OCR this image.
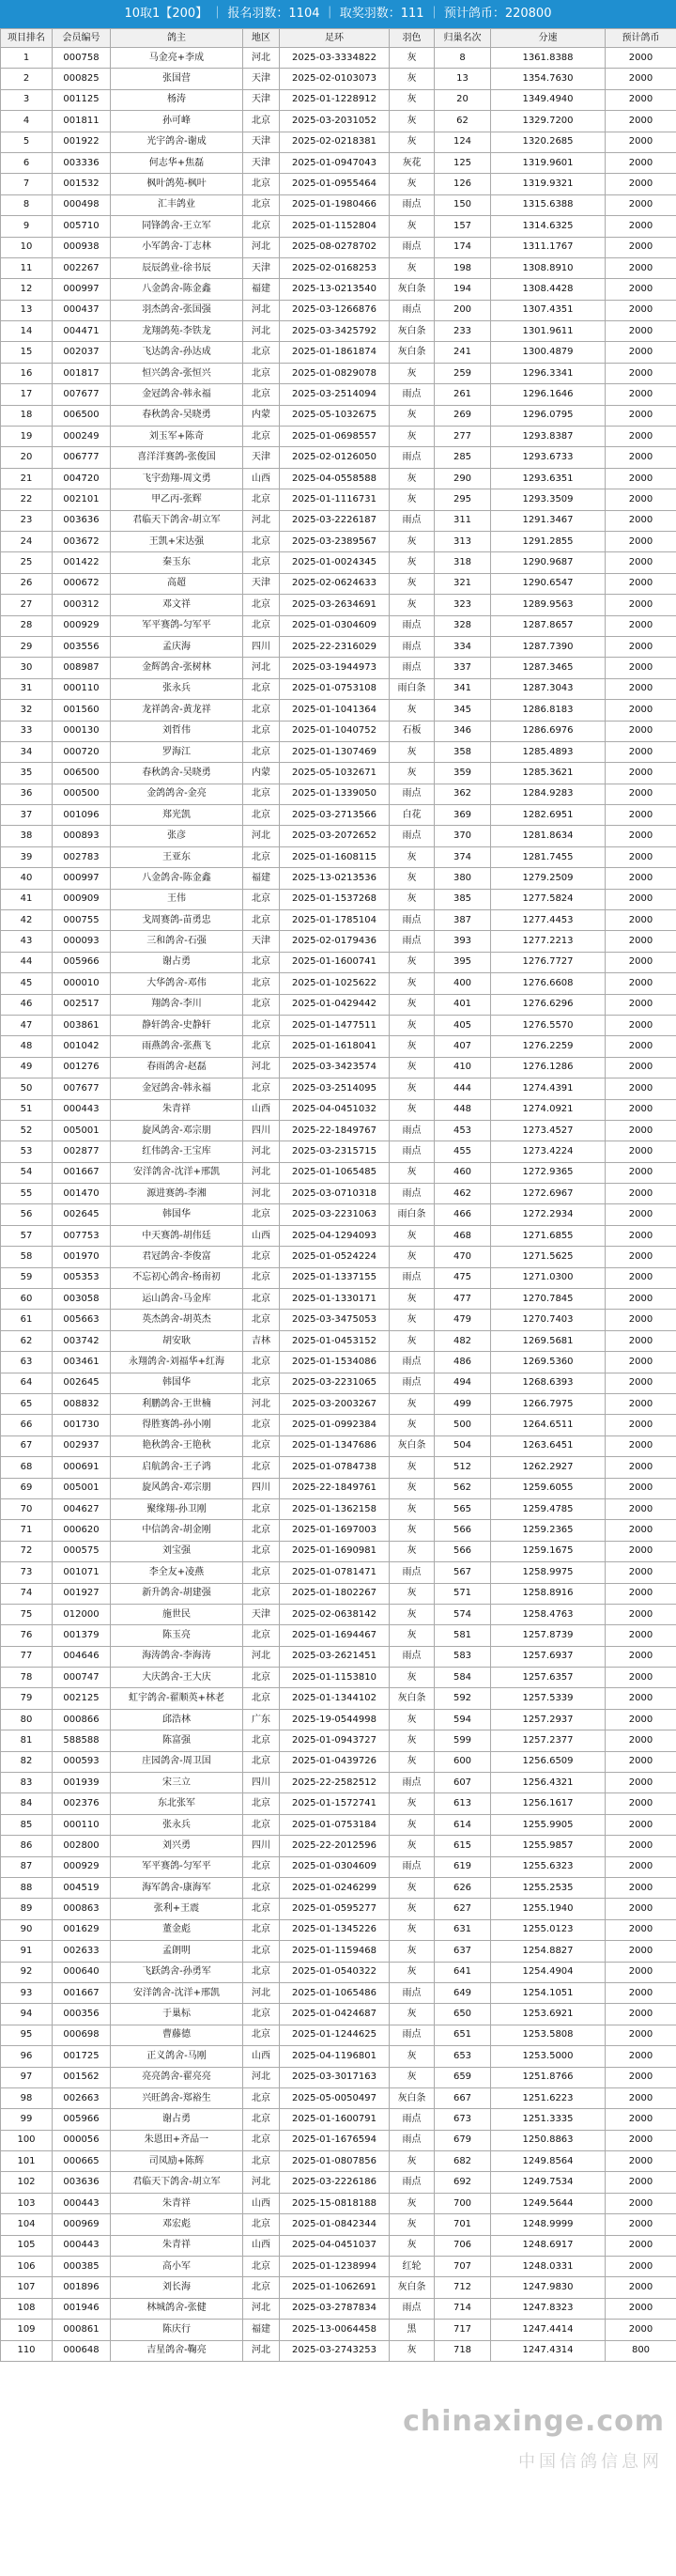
10取1【200】 ｜ 报名羽数：1104 ｜ 取奖羽数：111 ｜ 预计鸽币：220800
项目排名	会员编号	鸽主	地区	足环	羽色	归巢名次	分速	预计鸽币
1	000758	马金亮+李成	河北	2025-03-3334822	灰	8	1361.8388	2000
2	000825	张国营	天津	2025-02-0103073	灰	13	1354.7630	2000
3	001125	杨涛	天津	2025-01-1228912	灰	20	1349.4940	2000
4	001811	孙可峰	北京	2025-03-2031052	灰	62	1329.7200	2000
5	001922	光宇鸽舍-谢成	天津	2025-02-0218381	灰	124	1320.2685	2000
6	003336	何志华+焦磊	天津	2025-01-0947043	灰花	125	1319.9601	2000
7	001532	枫叶鸽苑-枫叶	北京	2025-01-0955464	灰	126	1319.9321	2000
8	000498	汇丰鸽业	北京	2025-01-1980466	雨点	150	1315.6388	2000
9	005710	同锋鸽舍-王立军	北京	2025-01-1152804	灰	157	1314.6325	2000
10	000938	小军鸽舍-丁志林	河北	2025-08-0278702	雨点	174	1311.1767	2000
11	002267	辰辰鸽业-徐书辰	天津	2025-02-0168253	灰	198	1308.8910	2000
12	000997	八金鸽舍-陈金鑫	福建	2025-13-0213540	灰白条	194	1308.4428	2000
13	000437	羽杰鸽舍-张国强	河北	2025-03-1266876	雨点	200	1307.4351	2000
14	004471	龙翔鸽苑-李铁龙	河北	2025-03-3425792	灰白条	233	1301.9611	2000
15	002037	飞达鸽舍-孙达成	北京	2025-01-1861874	灰白条	241	1300.4879	2000
16	001817	恒兴鸽舍-张恒兴	北京	2025-01-0829078	灰	259	1296.3341	2000
17	007677	金冠鸽舍-韩永福	北京	2025-03-2514094	雨点	261	1296.1646	2000
18	006500	春秋鸽舍-吴晓勇	内蒙	2025-05-1032675	灰	269	1296.0795	2000
19	000249	刘玉军+陈奇	北京	2025-01-0698557	灰	277	1293.8387	2000
20	006777	喜洋洋赛鸽-张俊国	天津	2025-02-0126050	雨点	285	1293.6733	2000
21	004720	飞宇劲翔-周文勇	山西	2025-04-0558588	灰	290	1293.6351	2000
22	002101	甲乙丙-张辉	北京	2025-01-1116731	灰	295	1293.3509	2000
23	003636	君临天下鸽舍-胡立军	河北	2025-03-2226187	雨点	311	1291.3467	2000
24	003672	王凯+宋达强	北京	2025-03-2389567	灰	313	1291.2855	2000
25	001422	秦玉东	北京	2025-01-0024345	灰	318	1290.9687	2000
26	000672	高超	天津	2025-02-0624633	灰	321	1290.6547	2000
27	000312	邓文祥	北京	2025-03-2634691	灰	323	1289.9563	2000
28	000929	军平赛鸽-匀军平	北京	2025-01-0304609	雨点	328	1287.8657	2000
29	003556	孟庆海	四川	2025-22-2316029	雨点	334	1287.7390	2000
30	008987	金辉鸽舍-张树林	河北	2025-03-1944973	雨点	337	1287.3465	2000
31	000110	张永兵	北京	2025-01-0753108	雨白条	341	1287.3043	2000
32	001560	龙祥鸽舍-黄龙祥	北京	2025-01-1041364	灰	345	1286.8183	2000
33	000130	刘哲伟	北京	2025-01-1040752	石板	346	1286.6976	2000
34	000720	罗海江	北京	2025-01-1307469	灰	358	1285.4893	2000
35	006500	春秋鸽舍-吴晓勇	内蒙	2025-05-1032671	灰	359	1285.3621	2000
36	000500	金鸽鸽舍-金亮	北京	2025-01-1339050	雨点	362	1284.9283	2000
37	001096	郑光凯	北京	2025-03-2713566	白花	369	1282.6951	2000
38	000893	张彦	河北	2025-03-2072652	雨点	370	1281.8634	2000
39	002783	王亚东	北京	2025-01-1608115	灰	374	1281.7455	2000
40	000997	八金鸽舍-陈金鑫	福建	2025-13-0213536	灰	380	1279.2509	2000
41	000909	王伟	北京	2025-01-1537268	灰	385	1277.5824	2000
42	000755	戈周赛鸽-苗勇忠	北京	2025-01-1785104	雨点	387	1277.4453	2000
43	000093	三和鸽舍-石强	天津	2025-02-0179436	雨点	393	1277.2213	2000
44	005966	谢占勇	北京	2025-01-1600741	灰	395	1276.7727	2000
45	000010	大华鸽舍-邓伟	北京	2025-01-1025622	灰	400	1276.6608	2000
46	002517	翔鸽舍-李川	北京	2025-01-0429442	灰	401	1276.6296	2000
47	003861	静轩鸽舍-史静轩	北京	2025-01-1477511	灰	405	1276.5570	2000
48	001042	雨燕鸽舍-张燕飞	北京	2025-01-1618041	灰	407	1276.2259	2000
49	001276	春雨鸽舍-赵磊	河北	2025-03-3423574	灰	410	1276.1286	2000
50	007677	金冠鸽舍-韩永福	北京	2025-03-2514095	灰	444	1274.4391	2000
51	000443	朱青祥	山西	2025-04-0451032	灰	448	1274.0921	2000
52	005001	旋风鸽舍-邓宗朋	四川	2025-22-1849767	雨点	453	1273.4527	2000
53	002877	红伟鸽舍-王宝库	河北	2025-03-2315715	雨点	455	1273.4224	2000
54	001667	安洋鸽舍-沈洋+邢凯	河北	2025-01-1065485	灰	460	1272.9365	2000
55	001470	源进赛鸽-李湘	河北	2025-03-0710318	雨点	462	1272.6967	2000
56	002645	韩国华	北京	2025-03-2231063	雨白条	466	1272.2934	2000
57	007753	中天赛鸽-胡伟廷	山西	2025-04-1294093	灰	468	1271.6855	2000
58	001970	君冠鸽舍-李俊富	北京	2025-01-0524224	灰	470	1271.5625	2000
59	005353	不忘初心鸽舍-杨南初	北京	2025-01-1337155	雨点	475	1271.0300	2000
60	003058	运山鸽舍-马金库	北京	2025-01-1330171	灰	477	1270.7845	2000
61	005663	英杰鸽舍-胡英杰	北京	2025-03-3475053	灰	479	1270.7403	2000
62	003742	胡安耿	吉林	2025-01-0453152	灰	482	1269.5681	2000
63	003461	永翔鸽舍-刘福华+红海	北京	2025-01-1534086	雨点	486	1269.5360	2000
64	002645	韩国华	北京	2025-03-2231065	雨点	494	1268.6393	2000
65	008832	利鹏鸽舍-王世楠	河北	2025-03-2003267	灰	499	1266.7975	2000
66	001730	得胜赛鸽-孙小刚	北京	2025-01-0992384	灰	500	1264.6511	2000
67	002937	艳秋鸽舍-王艳秋	北京	2025-01-1347686	灰白条	504	1263.6451	2000
68	000691	启航鸽舍-王子鸿	北京	2025-01-0784738	灰	512	1262.2927	2000
69	005001	旋风鸽舍-邓宗朋	四川	2025-22-1849761	灰	562	1259.6055	2000
70	004627	聚缘翔-孙卫刚	北京	2025-01-1362158	灰	565	1259.4785	2000
71	000620	中信鸽舍-胡金刚	北京	2025-01-1697003	灰	566	1259.2365	2000
72	000575	刘宝强	北京	2025-01-1690981	灰	566	1259.1675	2000
73	001071	李全友+凌燕	北京	2025-01-0781471	雨点	567	1258.9975	2000
74	001927	新升鸽舍-胡建强	北京	2025-01-1802267	灰	571	1258.8916	2000
75	012000	施世民	天津	2025-02-0638142	灰	574	1258.4763	2000
76	001379	陈玉亮	北京	2025-01-1694467	灰	581	1257.8739	2000
77	004646	海涛鸽舍-李海涛	河北	2025-03-2621451	雨点	583	1257.6937	2000
78	000747	大庆鸽舍-王大庆	北京	2025-01-1153810	灰	584	1257.6357	2000
79	002125	虹宇鸽舍-翟顺英+林老	北京	2025-01-1344102	灰白条	592	1257.5339	2000
80	000866	邱浩林	广东	2025-19-0544998	灰	594	1257.2937	2000
81	588588	陈富强	北京	2025-01-0943727	灰	599	1257.2377	2000
82	000593	庄园鸽舍-周卫国	北京	2025-01-0439726	灰	600	1256.6509	2000
83	001939	宋三立	四川	2025-22-2582512	雨点	607	1256.4321	2000
84	002376	东北张军	北京	2025-01-1572741	灰	613	1256.1617	2000
85	000110	张永兵	北京	2025-01-0753184	灰	614	1255.9905	2000
86	002800	刘兴勇	四川	2025-22-2012596	灰	615	1255.9857	2000
87	000929	军平赛鸽-匀军平	北京	2025-01-0304609	雨点	619	1255.6323	2000
88	004519	海军鸽舍-康海军	北京	2025-01-0246299	灰	626	1255.2535	2000
89	000863	张利+王震	北京	2025-01-0595277	灰	627	1255.1940	2000
90	001629	董金彪	北京	2025-01-1345226	灰	631	1255.0123	2000
91	002633	孟朗明	北京	2025-01-1159468	灰	637	1254.8827	2000
92	000640	飞跃鸽舍-孙勇军	北京	2025-01-0540322	灰	641	1254.4904	2000
93	001667	安洋鸽舍-沈洋+邢凯	河北	2025-01-1065486	雨点	649	1254.1051	2000
94	000356	于巢标	北京	2025-01-0424687	灰	650	1253.6921	2000
95	000698	曹藤德	北京	2025-01-1244625	雨点	651	1253.5808	2000
96	001725	正义鸽舍-马刚	山西	2025-04-1196801	灰	653	1253.5000	2000
97	001562	亮亮鸽舍-翟亮亮	河北	2025-03-3017163	灰	659	1251.8766	2000
98	002663	兴旺鸽舍-郑裕生	北京	2025-05-0050497	灰白条	667	1251.6223	2000
99	005966	谢占勇	北京	2025-01-1600791	雨点	673	1251.3335	2000
100	000056	朱恩田+齐品一	北京	2025-01-1676594	雨点	679	1250.8863	2000
101	000665	司凤励+陈辉	北京	2025-01-0807856	灰	682	1249.8564	2000
102	003636	君临天下鸽舍-胡立军	河北	2025-03-2226186	雨点	692	1249.7534	2000
103	000443	朱青祥	山西	2025-15-0818188	灰	700	1249.5644	2000
104	000969	邓宏彪	北京	2025-01-0842344	灰	701	1248.9999	2000
105	000443	朱青祥	山西	2025-04-0451037	灰	706	1248.6917	2000
106	000385	高小军	北京	2025-01-1238994	红轮	707	1248.0331	2000
107	001896	刘长海	北京	2025-01-1062691	灰白条	712	1247.9830	2000
108	001946	林城鸽舍-张健	河北	2025-03-2787834	雨点	714	1247.8323	2000
109	000861	陈庆行	福建	2025-13-0064458	黑	717	1247.4414	2000
110	000648	吉星鸽舍-鞠亮	河北	2025-03-2743253	灰	718	1247.4314	800
chinaxinge.com
中国信鸽信息网
